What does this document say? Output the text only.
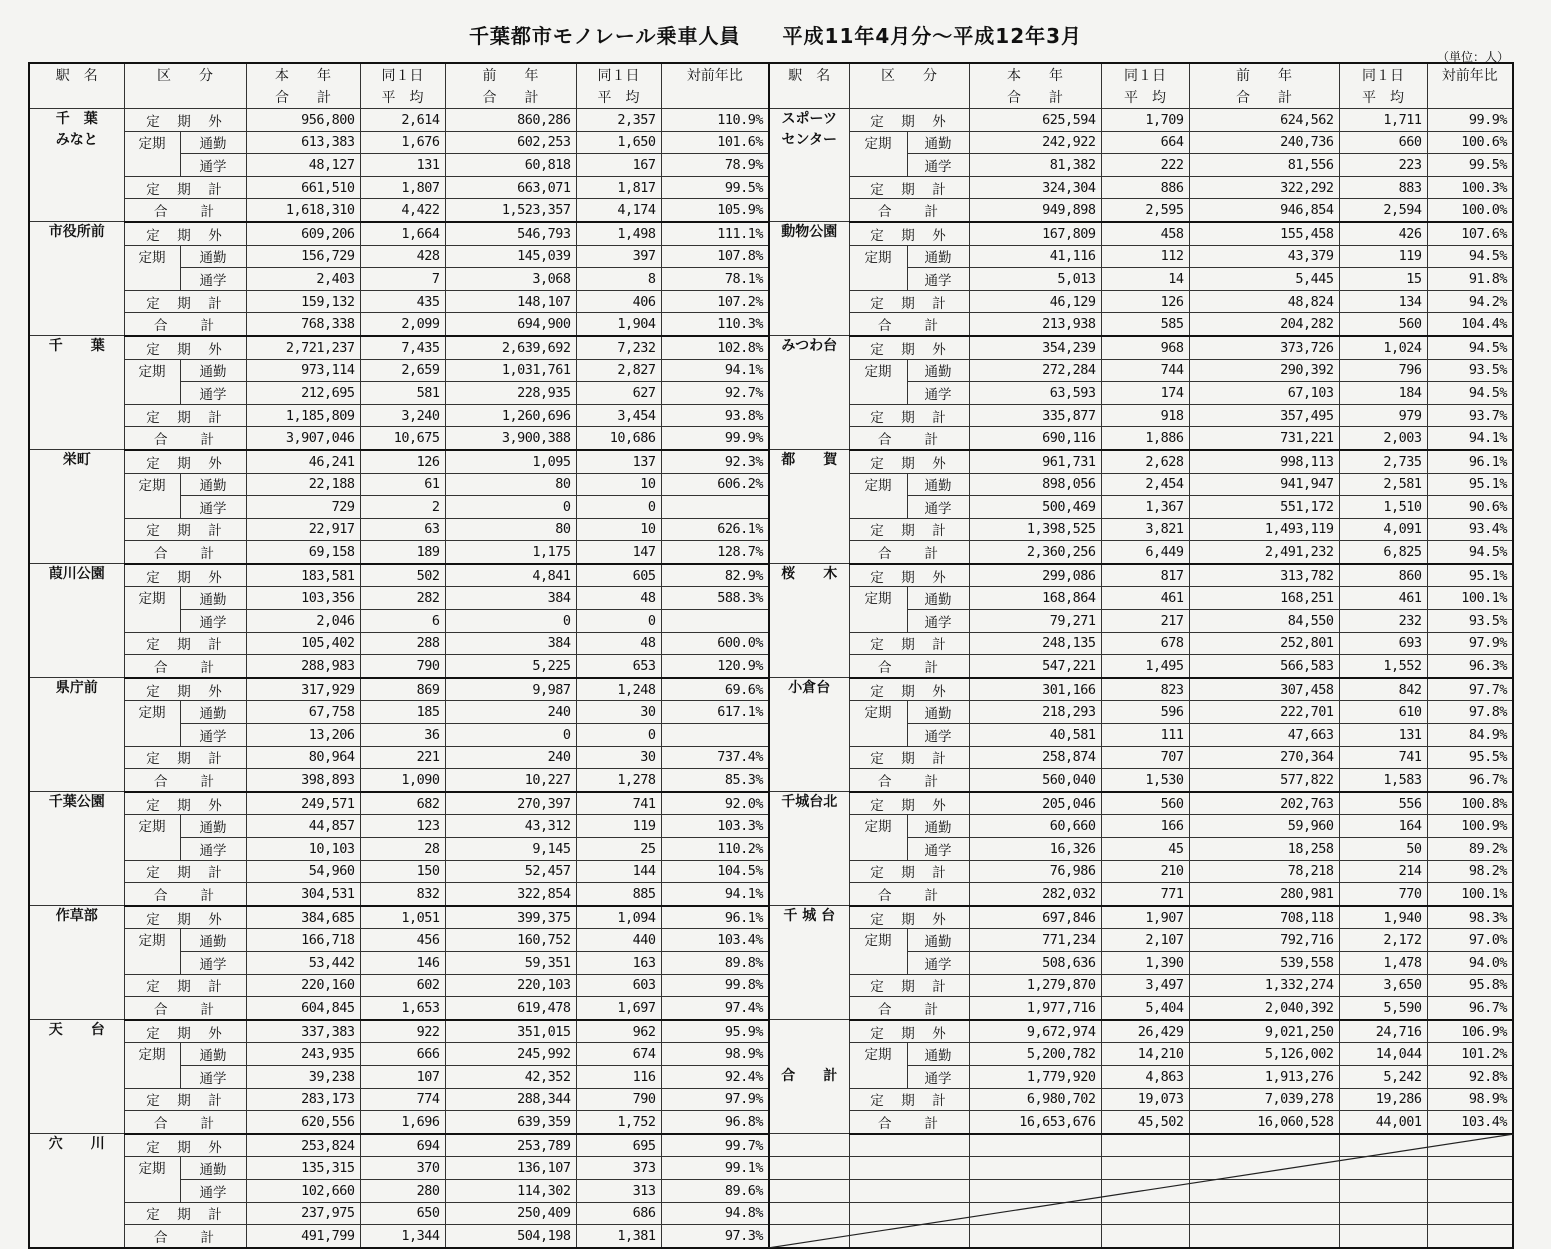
千葉都市モノレール乗車人員　　平成11年4月分～平成12年3月
（単位：人）
駅　名	区　　分		本　　年	同１日	前　　年	同１日	対前年比
			合　　計	平　均	合　　計	平　均	
千　葉
みなと	定　期　外		956,800	2,614	860,286	2,357	110.9%
	定期	通勤	613,383	1,676	602,253	1,650	101.6%
		通学	48,127	131	60,818	167	78.9%
	定　期　計		661,510	1,807	663,071	1,817	99.5%
	合　　計		1,618,310	4,422	1,523,357	4,174	105.9%
市役所前	定　期　外		609,206	1,664	546,793	1,498	111.1%
	定期	通勤	156,729	428	145,039	397	107.8%
		通学	2,403	7	3,068	8	78.1%
	定　期　計		159,132	435	148,107	406	107.2%
	合　　計		768,338	2,099	694,900	1,904	110.3%
千　　葉	定　期　外		2,721,237	7,435	2,639,692	7,232	102.8%
	定期	通勤	973,114	2,659	1,031,761	2,827	94.1%
		通学	212,695	581	228,935	627	92.7%
	定　期　計		1,185,809	3,240	1,260,696	3,454	93.8%
	合　　計		3,907,046	10,675	3,900,388	10,686	99.9%
栄町	定　期　外		46,241	126	1,095	137	92.3%
	定期	通勤	22,188	61	80	10	606.2%
		通学	729	2	0	0	
	定　期　計		22,917	63	80	10	626.1%
	合　　計		69,158	189	1,175	147	128.7%
葭川公園	定　期　外		183,581	502	4,841	605	82.9%
	定期	通勤	103,356	282	384	48	588.3%
		通学	2,046	6	0	0	
	定　期　計		105,402	288	384	48	600.0%
	合　　計		288,983	790	5,225	653	120.9%
県庁前	定　期　外		317,929	869	9,987	1,248	69.6%
	定期	通勤	67,758	185	240	30	617.1%
		通学	13,206	36	0	0	
	定　期　計		80,964	221	240	30	737.4%
	合　　計		398,893	1,090	10,227	1,278	85.3%
千葉公園	定　期　外		249,571	682	270,397	741	92.0%
	定期	通勤	44,857	123	43,312	119	103.3%
		通学	10,103	28	9,145	25	110.2%
	定　期　計		54,960	150	52,457	144	104.5%
	合　　計		304,531	832	322,854	885	94.1%
作草部	定　期　外		384,685	1,051	399,375	1,094	96.1%
	定期	通勤	166,718	456	160,752	440	103.4%
		通学	53,442	146	59,351	163	89.8%
	定　期　計		220,160	602	220,103	603	99.8%
	合　　計		604,845	1,653	619,478	1,697	97.4%
天　　台	定　期　外		337,383	922	351,015	962	95.9%
	定期	通勤	243,935	666	245,992	674	98.9%
		通学	39,238	107	42,352	116	92.4%
	定　期　計		283,173	774	288,344	790	97.9%
	合　　計		620,556	1,696	639,359	1,752	96.8%
穴　　川	定　期　外		253,824	694	253,789	695	99.7%
	定期	通勤	135,315	370	136,107	373	99.1%
		通学	102,660	280	114,302	313	89.6%
	定　期　計		237,975	650	250,409	686	94.8%
	合　　計		491,799	1,344	504,198	1,381	97.3%
駅　名	区　　分		本　　年	同１日	前　　年	同１日	対前年比
			合　　計	平　均	合　　計	平　均	
スポーツ
センター	定　期　外		625,594	1,709	624,562	1,711	99.9%
	定期	通勤	242,922	664	240,736	660	100.6%
		通学	81,382	222	81,556	223	99.5%
	定　期　計		324,304	886	322,292	883	100.3%
	合　　計		949,898	2,595	946,854	2,594	100.0%
動物公園	定　期　外		167,809	458	155,458	426	107.6%
	定期	通勤	41,116	112	43,379	119	94.5%
		通学	5,013	14	5,445	15	91.8%
	定　期　計		46,129	126	48,824	134	94.2%
	合　　計		213,938	585	204,282	560	104.4%
みつわ台	定　期　外		354,239	968	373,726	1,024	94.5%
	定期	通勤	272,284	744	290,392	796	93.5%
		通学	63,593	174	67,103	184	94.5%
	定　期　計		335,877	918	357,495	979	93.7%
	合　　計		690,116	1,886	731,221	2,003	94.1%
都　　賀	定　期　外		961,731	2,628	998,113	2,735	96.1%
	定期	通勤	898,056	2,454	941,947	2,581	95.1%
		通学	500,469	1,367	551,172	1,510	90.6%
	定　期　計		1,398,525	3,821	1,493,119	4,091	93.4%
	合　　計		2,360,256	6,449	2,491,232	6,825	94.5%
桜　　木	定　期　外		299,086	817	313,782	860	95.1%
	定期	通勤	168,864	461	168,251	461	100.1%
		通学	79,271	217	84,550	232	93.5%
	定　期　計		248,135	678	252,801	693	97.9%
	合　　計		547,221	1,495	566,583	1,552	96.3%
小倉台	定　期　外		301,166	823	307,458	842	97.7%
	定期	通勤	218,293	596	222,701	610	97.8%
		通学	40,581	111	47,663	131	84.9%
	定　期　計		258,874	707	270,364	741	95.5%
	合　　計		560,040	1,530	577,822	1,583	96.7%
千城台北	定　期　外		205,046	560	202,763	556	100.8%
	定期	通勤	60,660	166	59,960	164	100.9%
		通学	16,326	45	18,258	50	89.2%
	定　期　計		76,986	210	78,218	214	98.2%
	合　　計		282,032	771	280,981	770	100.1%
千 城 台	定　期　外		697,846	1,907	708,118	1,940	98.3%
	定期	通勤	771,234	2,107	792,716	2,172	97.0%
		通学	508,636	1,390	539,558	1,478	94.0%
	定　期　計		1,279,870	3,497	1,332,274	3,650	95.8%
	合　　計		1,977,716	5,404	2,040,392	5,590	96.7%
合　　計	定　期　外		9,672,974	26,429	9,021,250	24,716	106.9%
	定期	通勤	5,200,782	14,210	5,126,002	14,044	101.2%
		通学	1,779,920	4,863	1,913,276	5,242	92.8%
	定　期　計		6,980,702	19,073	7,039,278	19,286	98.9%
	合　　計		16,653,676	45,502	16,060,528	44,001	103.4%
